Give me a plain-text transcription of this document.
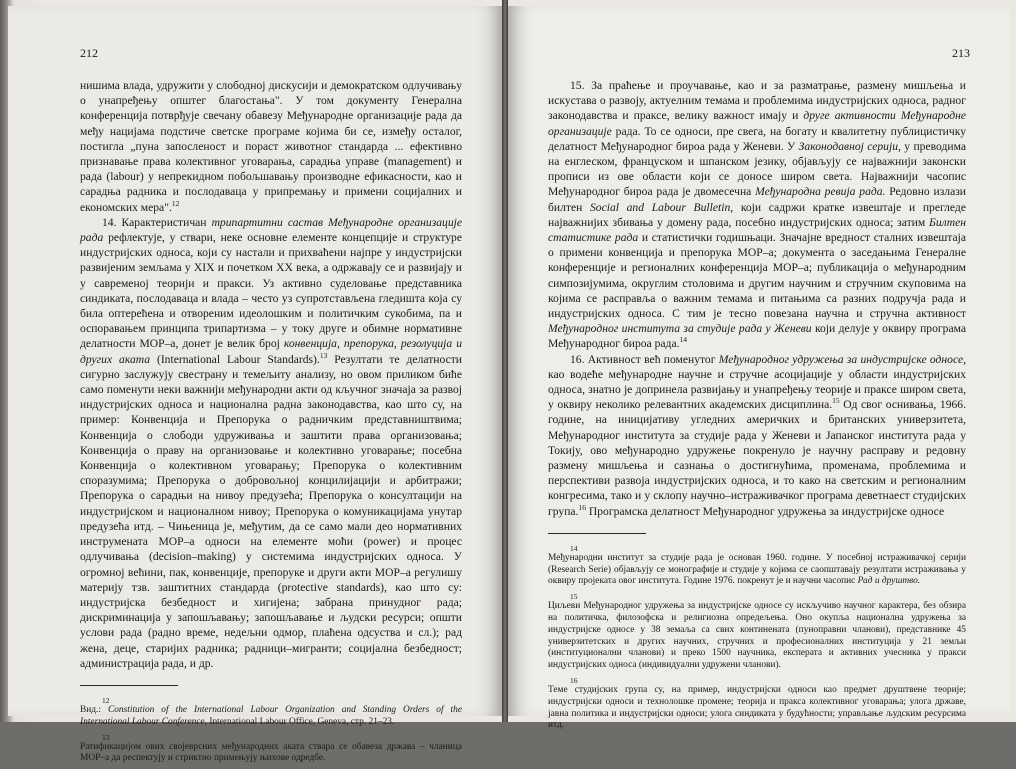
212

нишима влада, удружити у слободној дискусији и демократском одлучивању о унапређењу општег благостања". У том документу Генерална конференција потврђује свечану обавезу Међународне организације рада да међу нацијама подстиче светске програме којима би се, између осталог, постигла „пуна запосленост и пораст животног стандарда ... ефективно признавање права колективног уговарања, сарадња управе (management) и рада (labour) у непрекидном побољшавању производне ефикасности, као и сарадња радника и послодаваца у припремању и примени социјалних и економских мера".$^{12}$

14. Карактеристичан трипартитни састав Међународне организације рада рефлектује, у ствари, неке основне елементе концепције и структуре индустријских односа, који су настали и прихваћени најпре у индустријски развијеним земљама у XIX и почетком XX века, а одржавају се и развијају и у савременој теорији и пракси. Уз активно суделовање представника синдиката, послодаваца и влада – често уз супротстављена гледишта која су била оптерећена и отвореним идеолошким и политичким сукобима, па и оспоравањем принципа трипартизма – у току друге и обимне нормативне делатности МОР–а, донет је велик број конвенција, препорука, резолуција и других аката (International Labour Standards).$^{13}$ Резултати те делатности сигурно заслужују свестрану и темељиту анализу, но овом приликом биће само поменути неки важнији међународни акти од кључног значаја за развој индустријских односа и национална радна законодавства, као што су, на пример: Конвенција и Препорука о радничким представништвима; Конвенција о слободи удруживања и заштити права организовања; Конвенција о праву на организовање и колективно уговарање; посебна Конвенција о колективном уговарању; Препорука о колективним споразумима; Препорука о добровољној концилијацији и арбитражи; Препорука о сарадњи на нивоу предузећа; Препорука о консултацији на индустријском и националном нивоу; Препорука о комуникацијама унутар предузећа итд. – Чињеница је, међутим, да се само мали део нормативних инструмената МОР–а односи на елементе моћи (power) и процес одлучивања (decision–making) у системима индустријских односа. У огромној већини, пак, конвенције, препоруке и други акти МОР–а регулишу материју тзв. заштитних стандарда (protective standards), као што су: индустријска безбедност и хигијена; забрана принудног рада; дискриминација у запошљавању; запошљавање и људски ресурси; општи услови рада (радно време, недељни одмор, плаћена одсуства и сл.); рад жена, деце, старијих радника; радници–мигранти; социјална безбедност; администрација рада, и др.

12
Вид.: Constitution of the International Labour Organization and Standing Orders of the International Labour Conference, International Labour Office, Geneva, стр. 21–23.
13
Ратификацијом ових својеврсних међународних аката ствара се обавеза држава – чланица МОР–а да респектују и стриктно примењују њихове одредбе.
213

15. За праћење и проучавање, као и за разматрање, размену мишљења и искустава о развоју, актуелним темама и проблемима индустријских односа, радног законодавства и праксе, велику важност имају и друге активности Међународне организације рада. То се односи, пре свега, на богату и квалитетну публицистичку делатност Међународног бироа рада у Женеви. У Законодавној серији, у преводима на енглеском, француском и шпанском језику, објављују се најважнији законски прописи из ове области који се доносе широм света. Најважнији часопис Међународног бироа рада је двомесечна Међународна ревија рада. Редовно излази билтен Social and Labour Bulletin, који садржи кратке извештаје и прегледе најважнијих збивања у домену рада, посебно индустријских односа; затим Билтен статистике рада и статистички годишњаци. Значајне вредност сталних извештаја о примени конвенција и препорука МОР–а; документа о заседањима Генералне конференције и регионалних конференција МОР–а; публикација о међународним симпозијумима, округлим столовима и другим научним и стручним скуповима на којима се расправља о важним темама и питањима са разних подручја рада и индустријских односа. С тим је тесно повезана научна и стручна активност Међународног института за студије рада у Женеви који делује у оквиру програма Међународног бироа рада.$^{14}$

16. Активност већ поменутог Међународног удружења за индустријске односе, као водеће међународне научне и стручне асоцијације у области индустријских односа, знатно је допринела развијању и унапређењу теорије и праксе широм света, у оквиру неколико релевантних академских дисциплина.$^{15}$ Од свог оснивања, 1966. године, на иницијативу угледних америчких и британских универзитета, Међународног института за студије рада у Женеви и Јапанског института рада у Токију, ово међународно удружење покренуло је научну расправу и редовну размену мишљења и сазнања о достигнућима, променама, проблемима и перспективи развоја индустријских односа, и то како на светским и регионалним конгресима, тако и у склопу научно–истраживачког програма деветнаест студијских група.$^{16}$ Програмска делатност Међународног удружења за индустријске односе

14
Међународни институт за студије рада је основан 1960. године. У посебној истраживачкој серији (Research Serie) објављују се монографије и студије у којима се саопштавају резултати истраживања у оквиру пројеката овог института. Године 1976. покренут је и научни часопис Рад и друштво.
15
Циљеви Међународног удружења за индустријске односе су искључиво научног карактера, без обзира на политичка, филозофска и религиозна опредељења. Оно окупља национална удружења за индустријске односе у 38 земаља са свих континената (пуноправни чланови), представнике 45 универзитетских и других научних, стручних и професионалних институција у 21 земљи (институционални чланови) и преко 1500 научника, експерата и активних учесника у пракси индустријских односа (индивидуални удружени чланови).
16
Теме студијских група су, на пример, индустријски односи као предмет друштвене теорије; индустријски односи и технолошке промене; теорија и пракса колективног уговарања; улога државе, јавна политика и индустријски односи; улога синдиката у будућности; управљање људским ресурсима итд.
